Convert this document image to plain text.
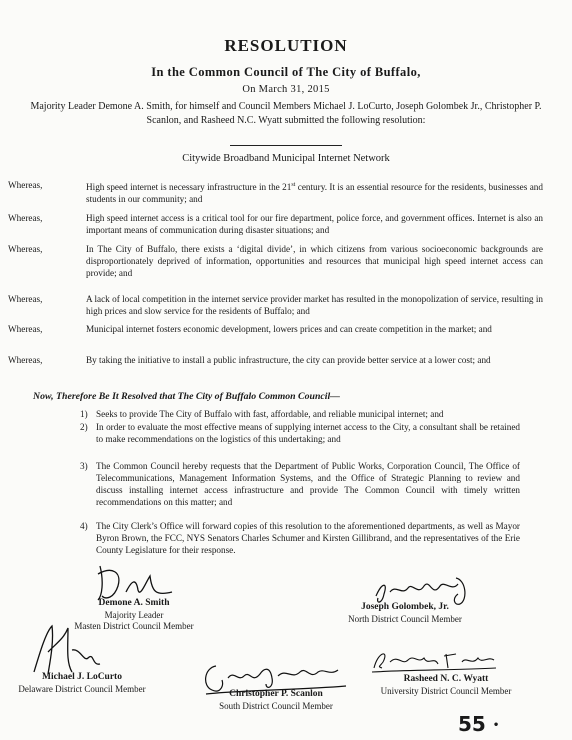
RESOLUTION
In the Common Council of The City of Buffalo,
On March 31, 2015
Majority Leader Demone A. Smith, for himself and Council Members Michael J. LoCurto, Joseph Golombek Jr., Christopher P. Scanlon, and Rasheed N.C. Wyatt submitted the following resolution:
Citywide Broadband Municipal Internet Network
Whereas,	High speed internet is necessary infrastructure in the 21st century. It is an essential resource for the residents, businesses and students in our community; and
Whereas,	High speed internet access is a critical tool for our fire department, police force, and government offices. Internet is also an important means of communication during disaster situations; and
Whereas,	In The City of Buffalo, there exists a ‘digital divide’, in which citizens from various socioeconomic backgrounds are disproportionately deprived of information, opportunities and resources that municipal high speed internet access can provide; and
Whereas,	A lack of local competition in the internet service provider market has resulted in the monopolization of service, resulting in high prices and slow service for the residents of Buffalo; and
Whereas,	Municipal internet fosters economic development, lowers prices and can create competition in the market; and
Whereas,	By taking the initiative to install a public infrastructure, the city can provide better service at a lower cost; and
Now, Therefore Be It Resolved that The City of Buffalo Common Council—
1) Seeks to provide The City of Buffalo with fast, affordable, and reliable municipal internet; and
2) In order to evaluate the most effective means of supplying internet access to the City, a consultant shall be retained to make recommendations on the logistics of this undertaking; and
3) The Common Council hereby requests that the Department of Public Works, Corporation Council, The Office of Telecommunications, Management Information Systems, and the Office of Strategic Planning to review and discuss installing internet access infrastructure and provide The Common Council with timely written recommendations on this matter; and
4) The City Clerk’s Office will forward copies of this resolution to the aforementioned departments, as well as Mayor Byron Brown, the FCC, NYS Senators Charles Schumer and Kirsten Gillibrand, and the representatives of the Erie County Legislature for their response.
Demone A. Smith
Majority Leader
Masten District Council Member
Joseph Golombek, Jr.
North District Council Member
Michael J. LoCurto
Delaware District Council Member
Christopher P. Scanlon
South District Council Member
Rasheed N. C. Wyatt
University District Council Member
55 •
